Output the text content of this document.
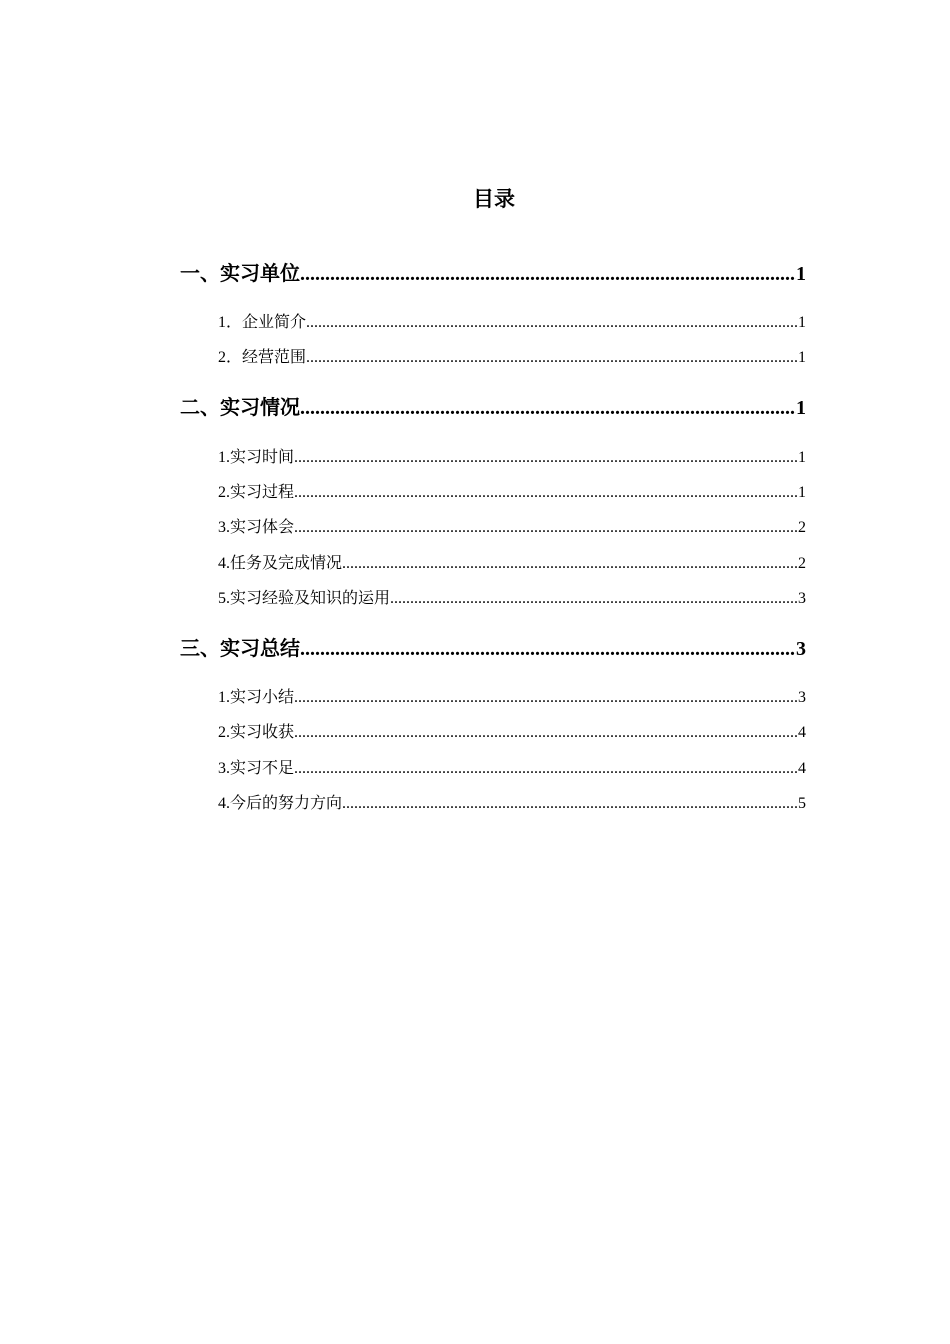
目录
一、实习单位 .....	1
1．企业简介 .....	1
2．经营范围 .....	1
二、实习情况 .....	1
1.实习时间 .....	1
2.实习过程 .....	1
3.实习体会 .....	2
4.任务及完成情况 .....	2
5.实习经验及知识的运用 .....	3
三、实习总结 .....	3
1.实习小结 .....	3
2.实习收获 .....	4
3.实习不足 .....	4
4.今后的努力方向 .....	5
